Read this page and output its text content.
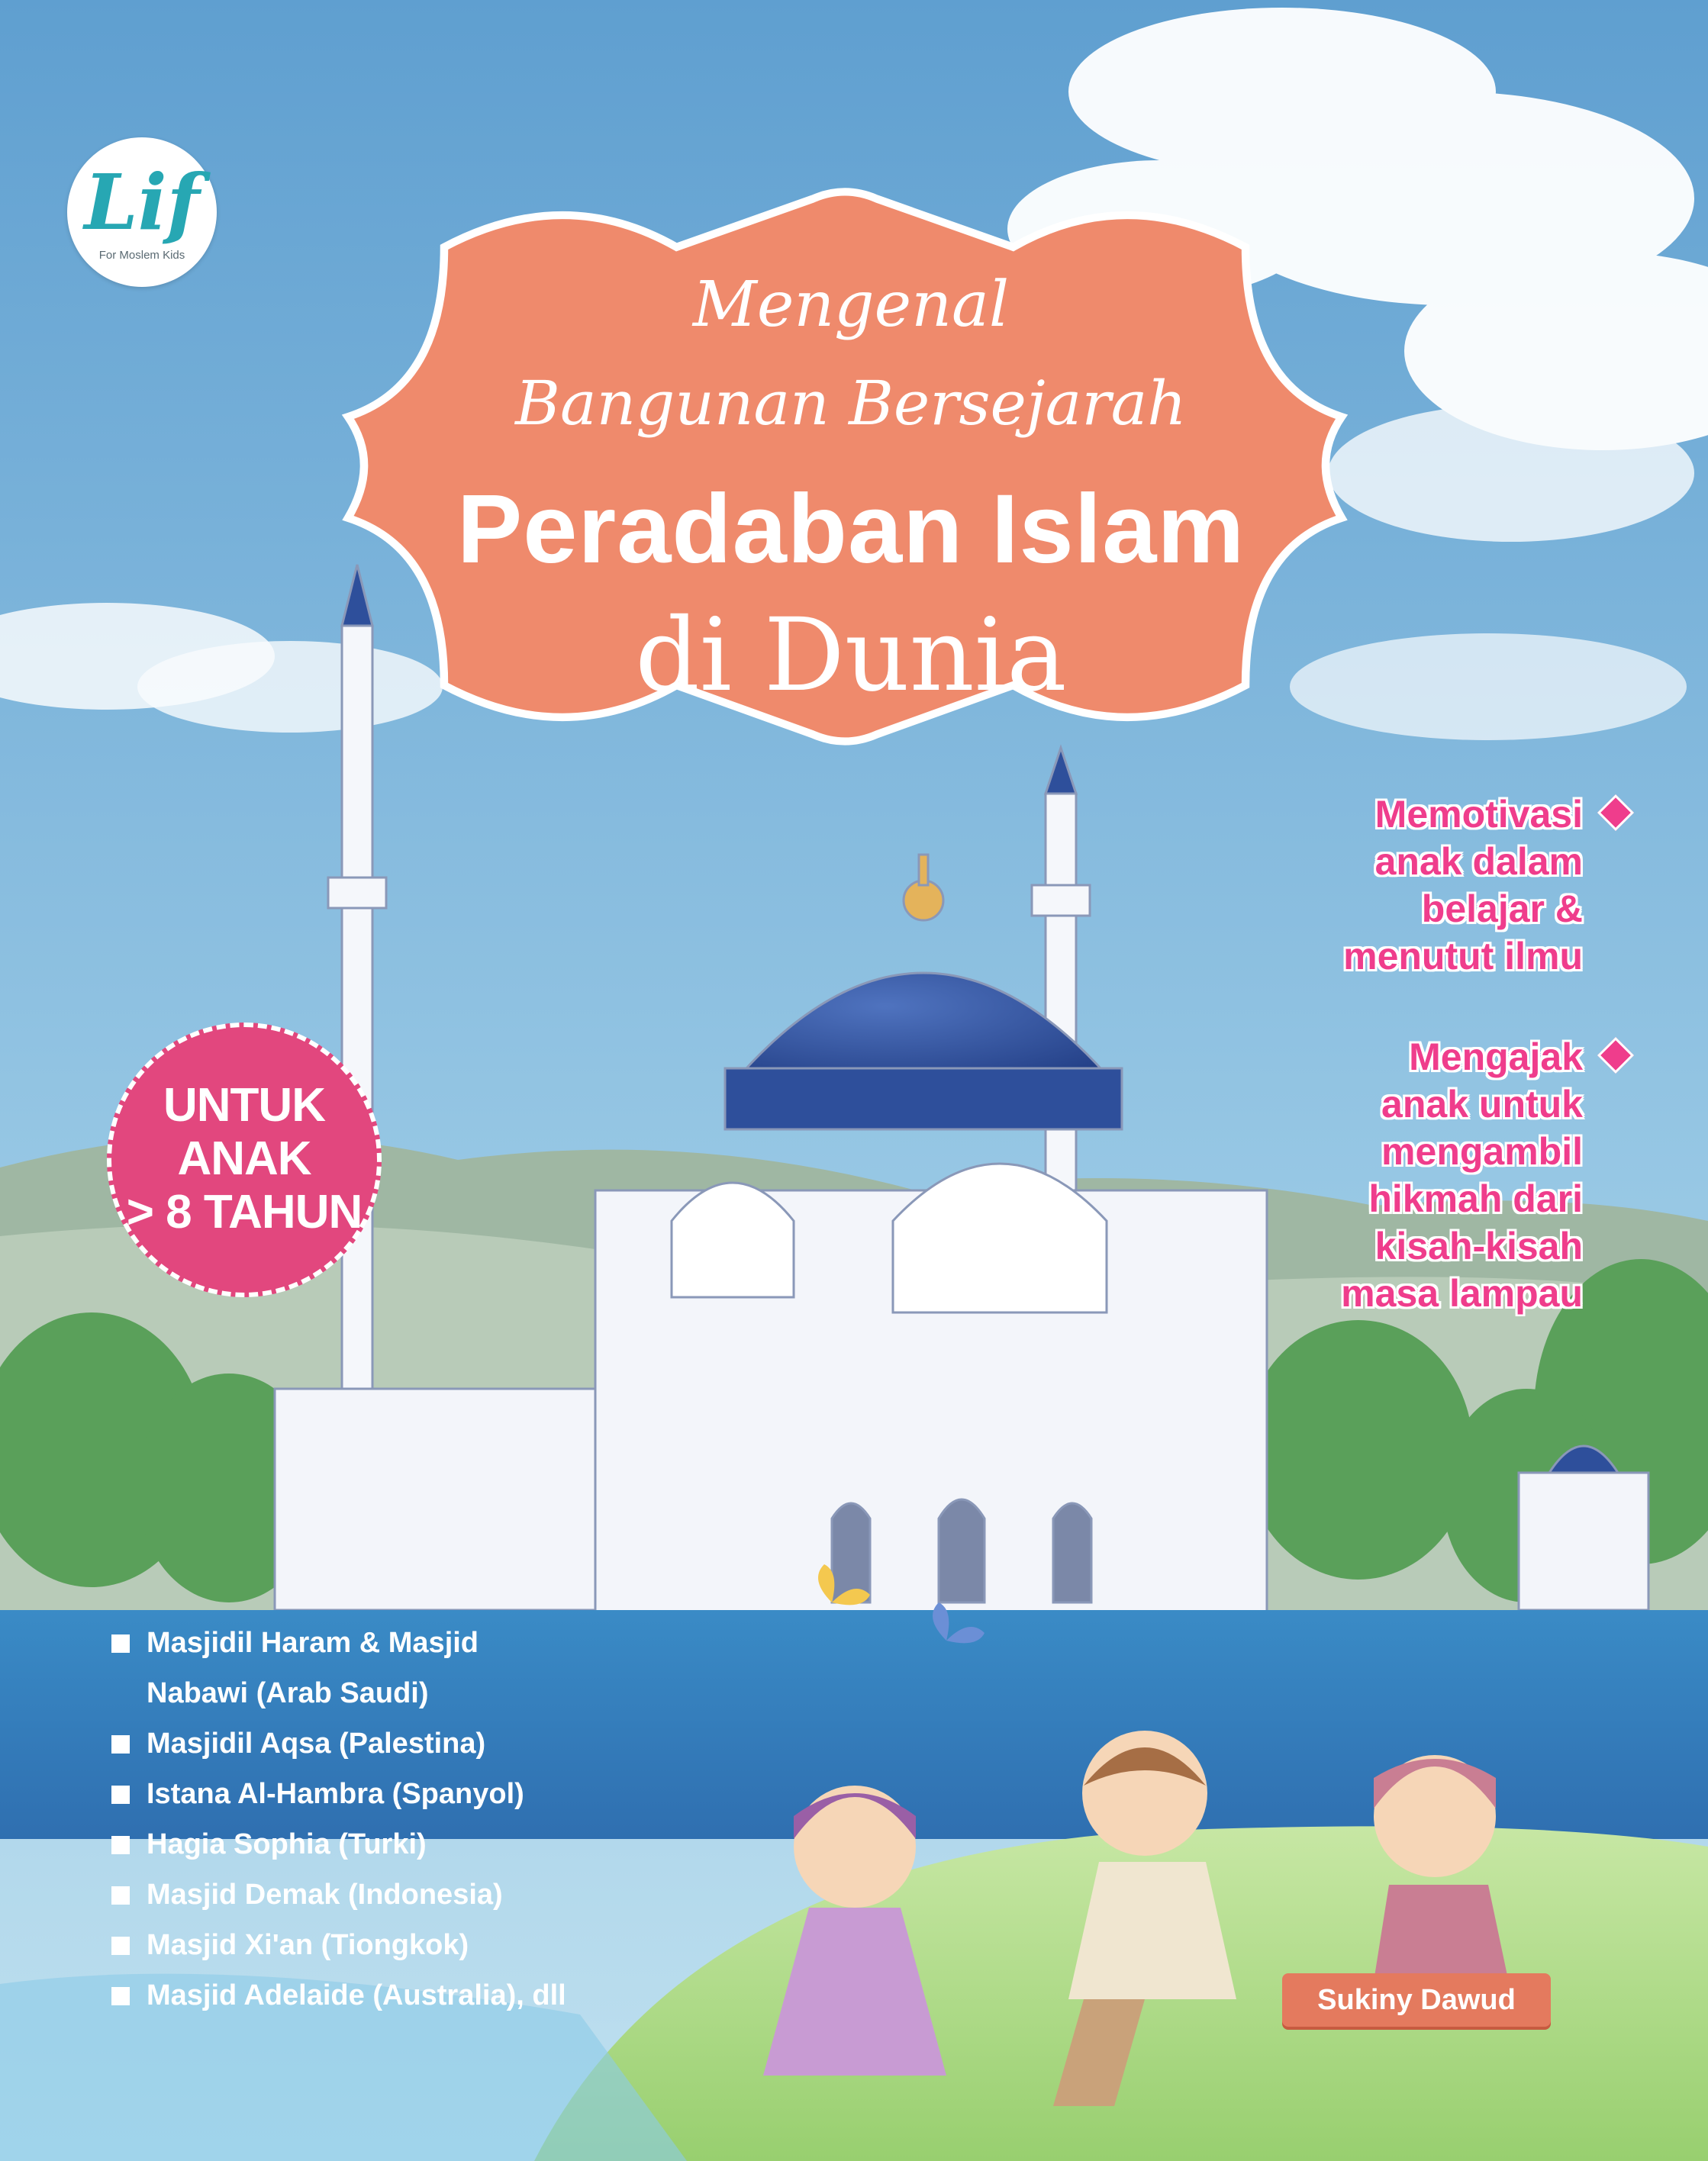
Lif
For Moslem Kids
Mengenal
Bangunan Bersejarah
Peradaban Islam
di Dunia
Memotivasi
anak dalam
belajar &
menutut ilmu
Mengajak
anak untuk
mengambil
hikmah dari
kisah-kisah
masa lampau
UNTUK
ANAK
> 8 TAHUN
Masjidil Haram & Masjid
Nabawi (Arab Saudi)
Masjidil Aqsa (Palestina)
Istana Al-Hambra (Spanyol)
Hagia Sophia (Turki)
Masjid Demak (Indonesia)
Masjid Xi'an (Tiongkok)
Masjid Adelaide (Australia), dll	Sukiny Dawud
